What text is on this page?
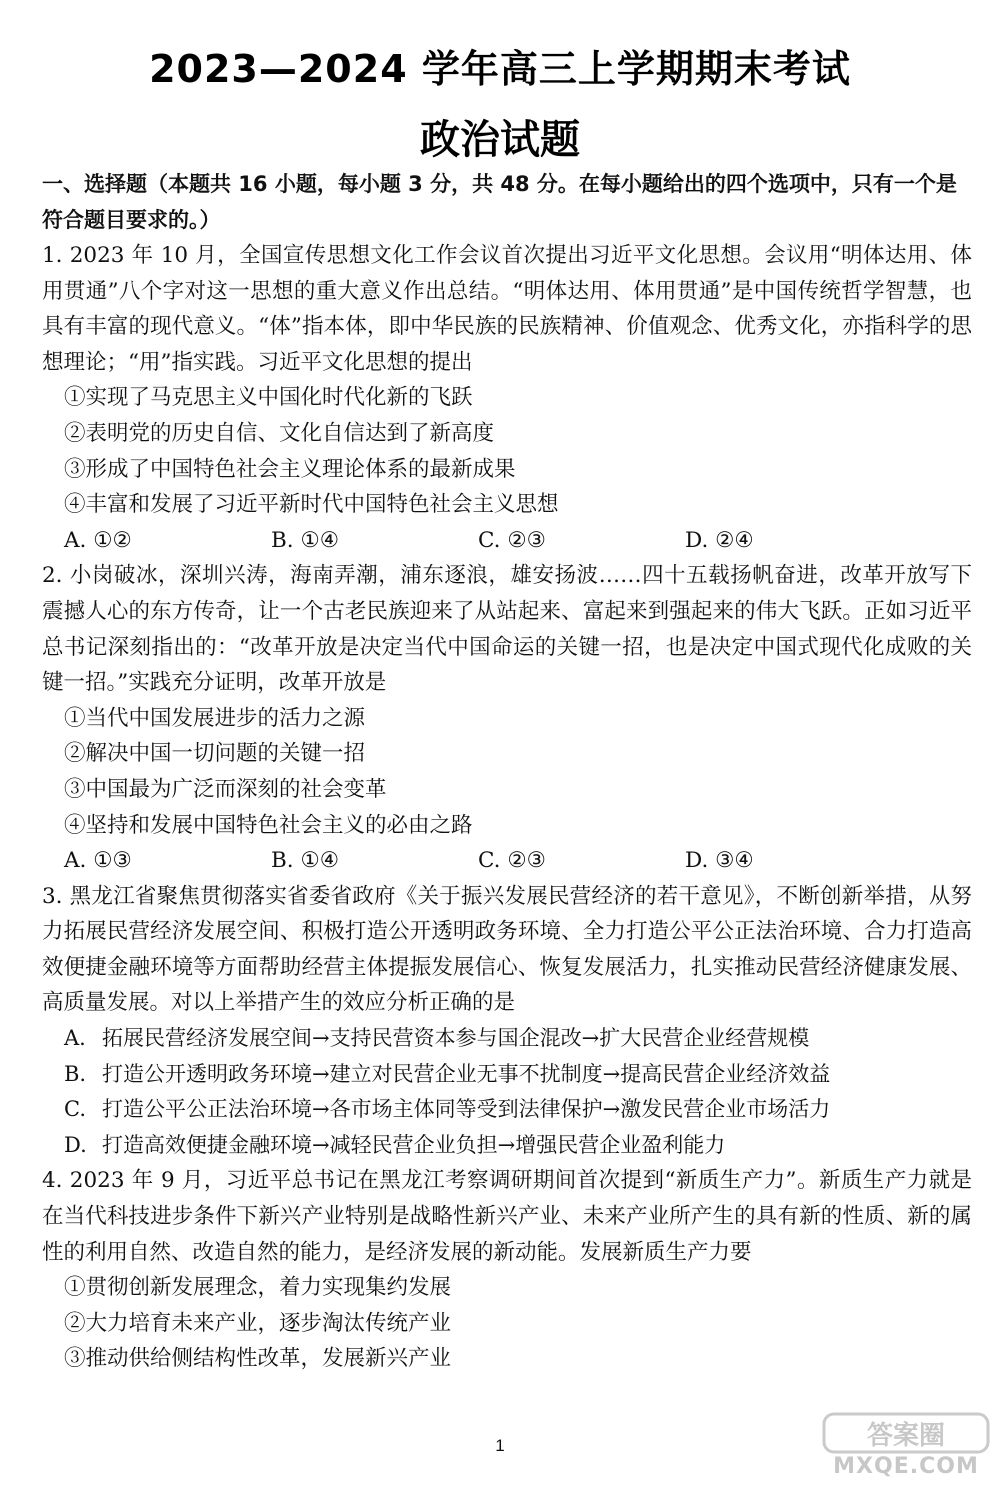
2023—2024 学年高三上学期期末考试
政治试题

一、选择题（本题共 16 小题，每小题 3 分，共 48 分。在每小题给出的四个选项中，只有一个是符合题目要求的。）

1. 2023 年 10 月，全国宣传思想文化工作会议首次提出习近平文化思想。会议用“明体达用、体用贯通”八个字对这一思想的重大意义作出总结。“明体达用、体用贯通”是中国传统哲学智慧，也具有丰富的现代意义。“体”指本体，即中华民族的民族精神、价值观念、优秀文化，亦指科学的思想理论；“用”指实践。习近平文化思想的提出

①实现了马克思主义中国化时代化新的飞跃

②表明党的历史自信、文化自信达到了新高度

③形成了中国特色社会主义理论体系的最新成果

④丰富和发展了习近平新时代中国特色社会主义思想

A. ①②	B. ①④	C. ②③	D. ②④

2. 小岗破冰，深圳兴涛，海南弄潮，浦东逐浪，雄安扬波……四十五载扬帆奋进，改革开放写下震撼人心的东方传奇，让一个古老民族迎来了从站起来、富起来到强起来的伟大飞跃。正如习近平总书记深刻指出的：“改革开放是决定当代中国命运的关键一招，也是决定中国式现代化成败的关键一招。”实践充分证明，改革开放是

①当代中国发展进步的活力之源

②解决中国一切问题的关键一招

③中国最为广泛而深刻的社会变革

④坚持和发展中国特色社会主义的必由之路

A. ①③	B. ①④	C. ②③	D. ③④

3. 黑龙江省聚焦贯彻落实省委省政府《关于振兴发展民营经济的若干意见》，不断创新举措，从努力拓展民营经济发展空间、积极打造公开透明政务环境、全力打造公平公正法治环境、合力打造高效便捷金融环境等方面帮助经营主体提振发展信心、恢复发展活力，扎实推动民营经济健康发展、高质量发展。对以上举措产生的效应分析正确的是

A. 拓展民营经济发展空间→支持民营资本参与国企混改→扩大民营企业经营规模

B. 打造公开透明政务环境→建立对民营企业无事不扰制度→提高民营企业经济效益

C. 打造公平公正法治环境→各市场主体同等受到法律保护→激发民营企业市场活力

D. 打造高效便捷金融环境→减轻民营企业负担→增强民营企业盈利能力

4. 2023 年 9 月，习近平总书记在黑龙江考察调研期间首次提到“新质生产力”。新质生产力就是在当代科技进步条件下新兴产业特别是战略性新兴产业、未来产业所产生的具有新的性质、新的属性的利用自然、改造自然的能力，是经济发展的新动能。发展新质生产力要

①贯彻创新发展理念，着力实现集约发展

②大力培育未来产业，逐步淘汰传统产业

③推动供给侧结构性改革，发展新兴产业

1	答案圈
MXQE.COM
